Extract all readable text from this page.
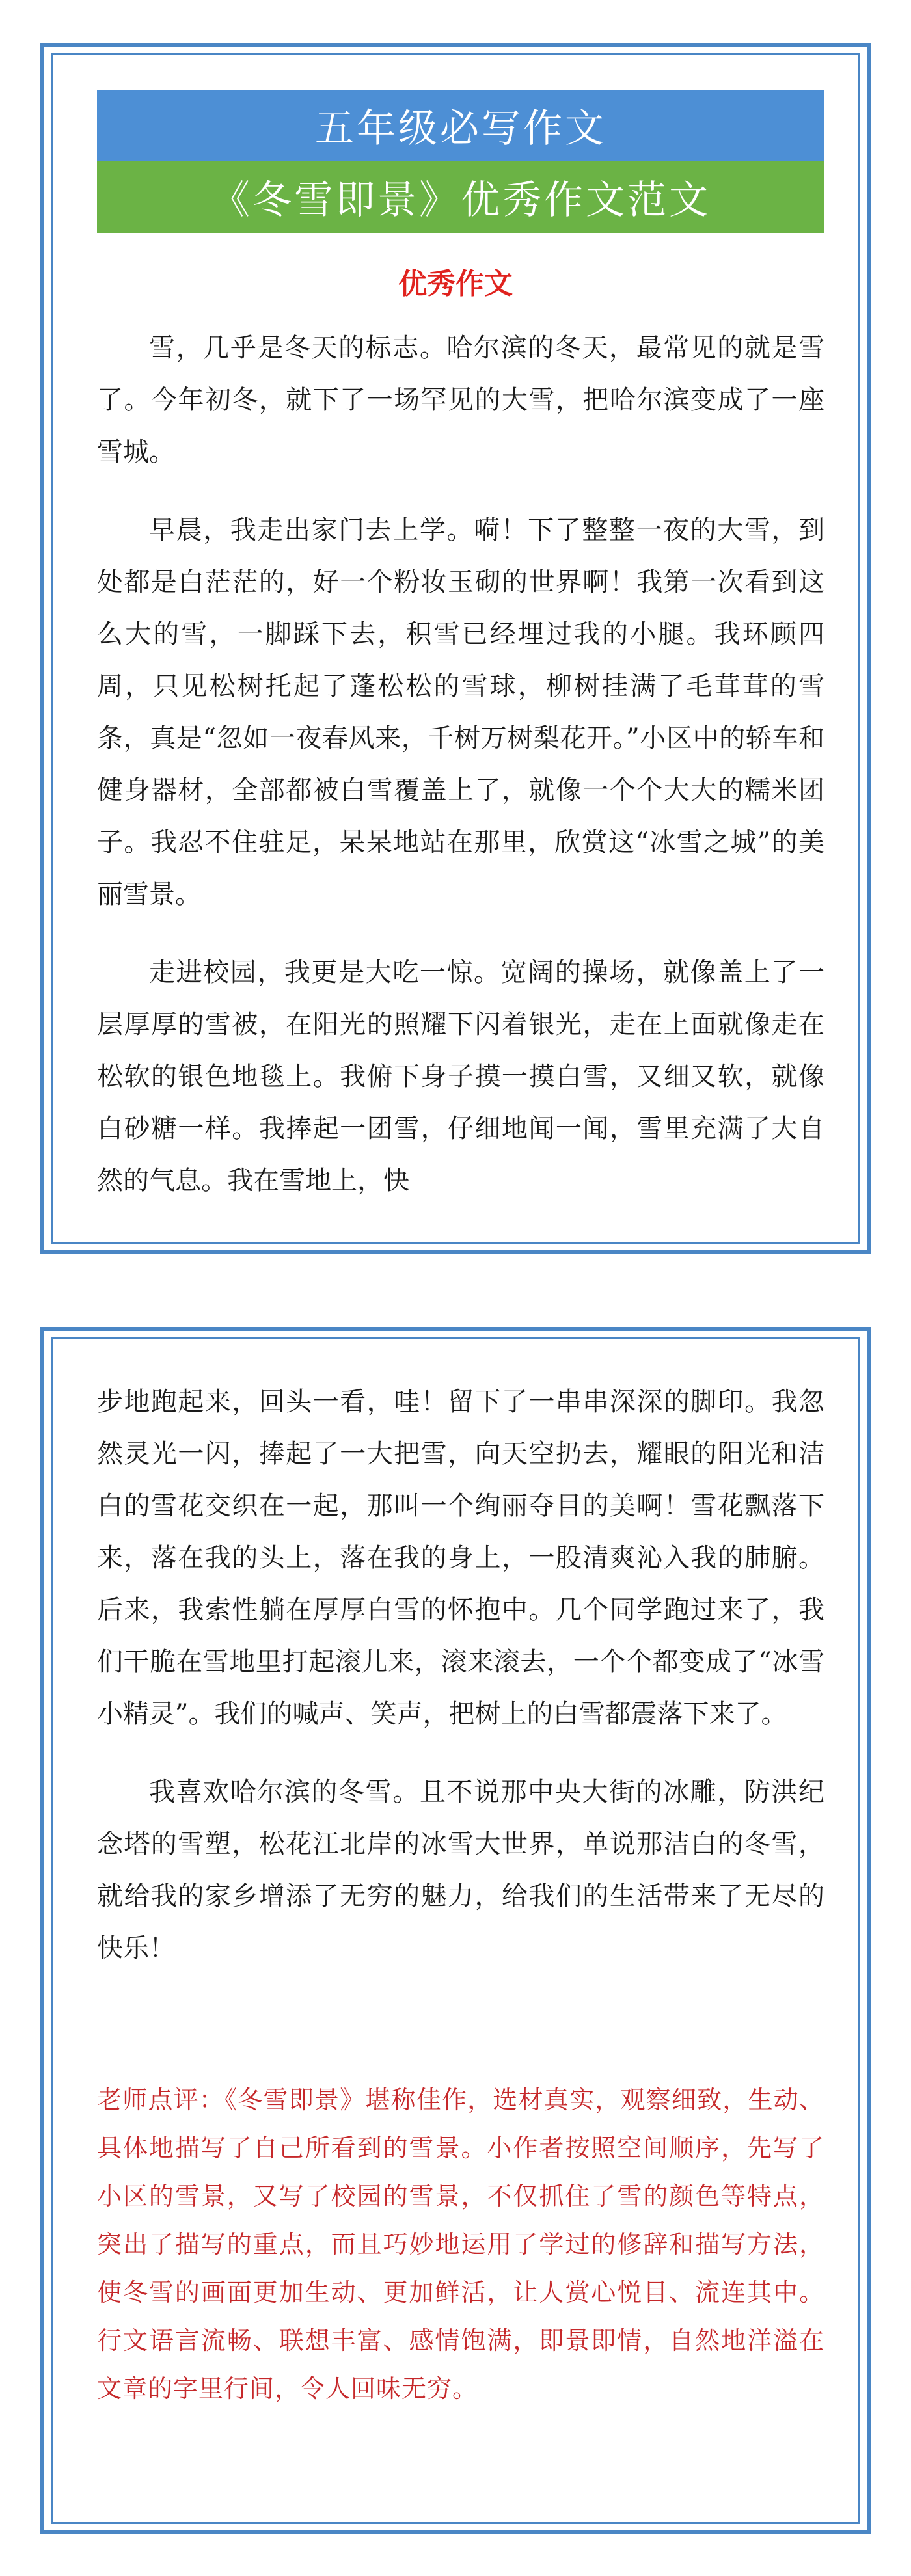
五年级必写作文
《冬雪即景》优秀作文范文
优秀作文

雪，几乎是冬天的标志。哈尔滨的冬天，最常见的就是雪了。今年初冬，就下了一场罕见的大雪，把哈尔滨变成了一座雪城。

早晨，我走出家门去上学。嗬！下了整整一夜的大雪，到处都是白茫茫的，好一个粉妆玉砌的世界啊！我第一次看到这么大的雪，一脚踩下去，积雪已经埋过我的小腿。我环顾四周，只见松树托起了蓬松松的雪球，柳树挂满了毛茸茸的雪条，真是“忽如一夜春风来，千树万树梨花开。”小区中的轿车和健身器材，全部都被白雪覆盖上了，就像一个个大大的糯米团子。我忍不住驻足，呆呆地站在那里，欣赏这“冰雪之城”的美丽雪景。

走进校园，我更是大吃一惊。宽阔的操场，就像盖上了一层厚厚的雪被，在阳光的照耀下闪着银光，走在上面就像走在松软的银色地毯上。我俯下身子摸一摸白雪，又细又软，就像白砂糖一样。我捧起一团雪，仔细地闻一闻，雪里充满了大自然的气息。我在雪地上，快

步地跑起来，回头一看，哇！留下了一串串深深的脚印。我忽然灵光一闪，捧起了一大把雪，向天空扔去，耀眼的阳光和洁白的雪花交织在一起，那叫一个绚丽夺目的美啊！雪花飘落下来，落在我的头上，落在我的身上，一股清爽沁入我的肺腑。后来，我索性躺在厚厚白雪的怀抱中。几个同学跑过来了，我们干脆在雪地里打起滚儿来，滚来滚去，一个个都变成了“冰雪小精灵”。我们的喊声、笑声，把树上的白雪都震落下来了。

我喜欢哈尔滨的冬雪。且不说那中央大街的冰雕，防洪纪念塔的雪塑，松花江北岸的冰雪大世界，单说那洁白的冬雪，就给我的家乡增添了无穷的魅力，给我们的生活带来了无尽的快乐！

老师点评：《冬雪即景》堪称佳作，选材真实，观察细致，生动、具体地描写了自己所看到的雪景。小作者按照空间顺序，先写了小区的雪景，又写了校园的雪景，不仅抓住了雪的颜色等特点，突出了描写的重点，而且巧妙地运用了学过的修辞和描写方法，使冬雪的画面更加生动、更加鲜活，让人赏心悦目、流连其中。行文语言流畅、联想丰富、感情饱满，即景即情，自然地洋溢在文章的字里行间，令人回味无穷。
